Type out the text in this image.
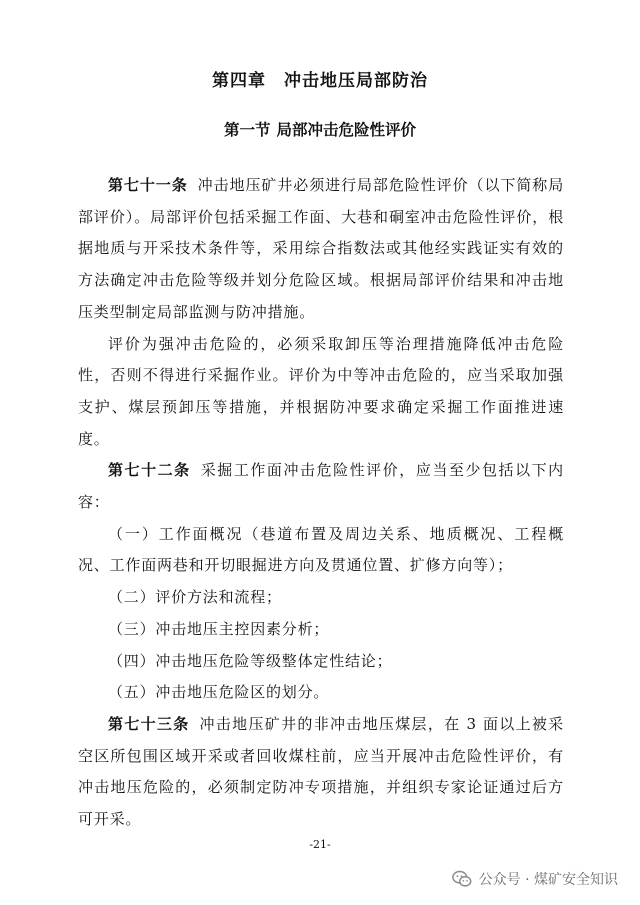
第四章 冲击地压局部防治
第一节 局部冲击危险性评价

第七十一条 冲击地压矿井必须进行局部危险性评价（以下简称局部评价）。局部评价包括采掘工作面、大巷和硐室冲击危险性评价，根据地质与开采技术条件等，采用综合指数法或其他经实践证实有效的方法确定冲击危险等级并划分危险区域。根据局部评价结果和冲击地压类型制定局部监测与防冲措施。

评价为强冲击危险的，必须采取卸压等治理措施降低冲击危险性，否则不得进行采掘作业。评价为中等冲击危险的，应当采取加强支护、煤层预卸压等措施，并根据防冲要求确定采掘工作面推进速度。

第七十二条 采掘工作面冲击危险性评价，应当至少包括以下内容：

（一）工作面概况（巷道布置及周边关系、地质概况、工程概况、工作面两巷和开切眼掘进方向及贯通位置、扩修方向等）；

（二）评价方法和流程；

（三）冲击地压主控因素分析；

（四）冲击地压危险等级整体定性结论；

（五）冲击地压危险区的划分。

第七十三条 冲击地压矿井的非冲击地压煤层，在 3 面以上被采空区所包围区域开采或者回收煤柱前，应当开展冲击危险性评价，有冲击地压危险的，必须制定防冲专项措施，并组织专家论证通过后方可开采。

-21-
公众号 · 煤矿安全知识
